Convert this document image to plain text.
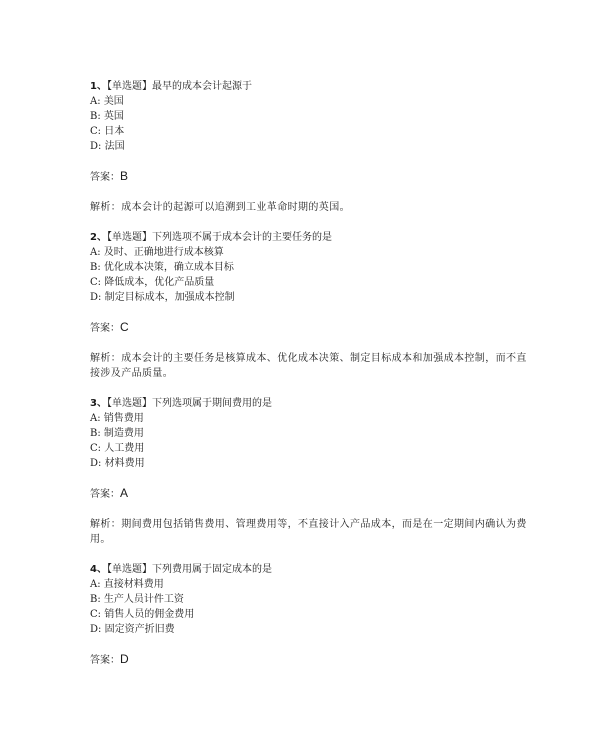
1、【单选题】最早的成本会计起源于
A: 美国
B: 英国
C: 日本
D: 法国
答案：B
解析：成本会计的起源可以追溯到工业革命时期的英国。
2、【单选题】下列选项不属于成本会计的主要任务的是
A: 及时、正确地进行成本核算
B: 优化成本决策，确立成本目标
C: 降低成本，优化产品质量
D: 制定目标成本，加强成本控制
答案：C
解析：成本会计的主要任务是核算成本、优化成本决策、制定目标成本和加强成本控制，而不直接涉及产品质量。
3、【单选题】下列选项属于期间费用的是
A: 销售费用
B: 制造费用
C: 人工费用
D: 材料费用
答案：A
解析：期间费用包括销售费用、管理费用等，不直接计入产品成本，而是在一定期间内确认为费用。
4、【单选题】下列费用属于固定成本的是
A: 直接材料费用
B: 生产人员计件工资
C: 销售人员的佣金费用
D: 固定资产折旧费
答案：D
